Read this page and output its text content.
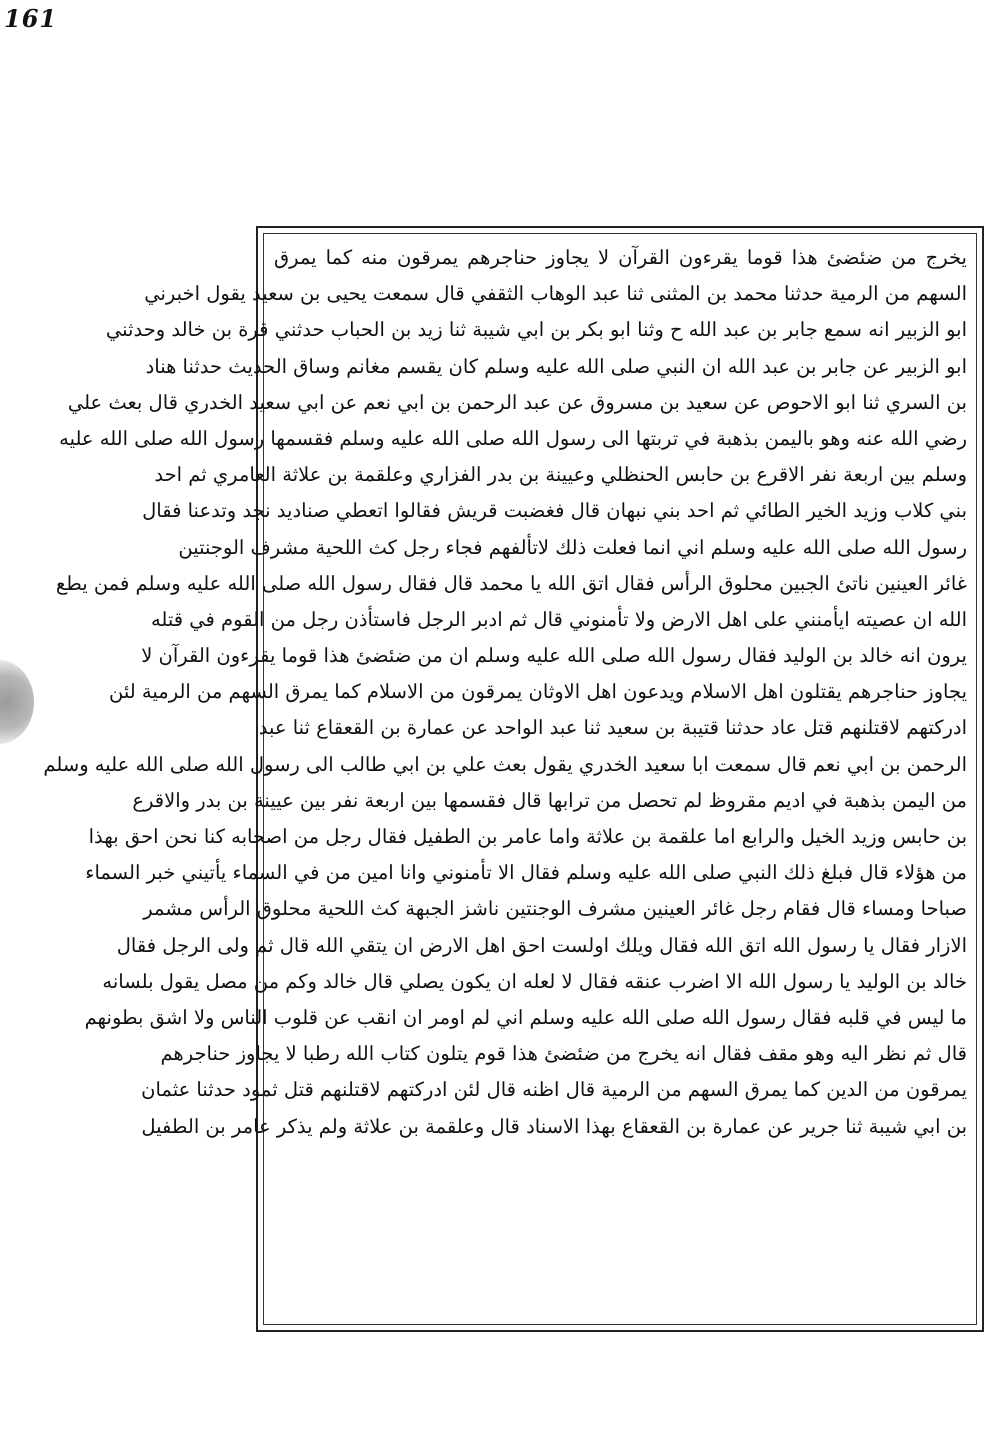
161
يخرج من ضئضئ هذا قوما يقرءون القرآن لا يجاوز حناجرهم يمرقون منه كما يمرق
السهم من الرمية حدثنا محمد بن المثنى ثنا عبد الوهاب الثقفي قال سمعت يحيى بن سعيد يقول اخبرني
ابو الزبير انه سمع جابر بن عبد الله ح وثنا ابو بكر بن ابي شيبة ثنا زيد بن الحباب حدثني قرة بن خالد وحدثني
ابو الزبير عن جابر بن عبد الله ان النبي صلى الله عليه وسلم كان يقسم مغانم وساق الحديث حدثنا هناد
بن السري ثنا ابو الاحوص عن سعيد بن مسروق عن عبد الرحمن بن ابي نعم عن ابي سعيد الخدري قال بعث علي
رضي الله عنه وهو باليمن بذهبة في تربتها الى رسول الله صلى الله عليه وسلم فقسمها رسول الله صلى الله عليه
وسلم بين اربعة نفر الاقرع بن حابس الحنظلي وعيينة بن بدر الفزاري وعلقمة بن علاثة العامري ثم احد
بني كلاب وزيد الخير الطائي ثم احد بني نبهان قال فغضبت قريش فقالوا اتعطي صناديد نجد وتدعنا فقال
رسول الله صلى الله عليه وسلم اني انما فعلت ذلك لاتألفهم فجاء رجل كث اللحية مشرف الوجنتين
غائر العينين ناتئ الجبين محلوق الرأس فقال اتق الله يا محمد قال فقال رسول الله صلى الله عليه وسلم فمن يطع
الله ان عصيته ايأمنني على اهل الارض ولا تأمنوني قال ثم ادبر الرجل فاستأذن رجل من القوم في قتله
يرون انه خالد بن الوليد فقال رسول الله صلى الله عليه وسلم ان من ضئضئ هذا قوما يقرءون القرآن لا
يجاوز حناجرهم يقتلون اهل الاسلام ويدعون اهل الاوثان يمرقون من الاسلام كما يمرق السهم من الرمية لئن
ادركتهم لاقتلنهم قتل عاد حدثنا قتيبة بن سعيد ثنا عبد الواحد عن عمارة بن القعقاع ثنا عبد
الرحمن بن ابي نعم قال سمعت ابا سعيد الخدري يقول بعث علي بن ابي طالب الى رسول الله صلى الله عليه وسلم
من اليمن بذهبة في اديم مقروظ لم تحصل من ترابها قال فقسمها بين اربعة نفر بين عيينة بن بدر والاقرع
بن حابس وزيد الخيل والرابع اما علقمة بن علاثة واما عامر بن الطفيل فقال رجل من اصحابه كنا نحن احق بهذا
من هؤلاء قال فبلغ ذلك النبي صلى الله عليه وسلم فقال الا تأمنوني وانا امين من في السماء يأتيني خبر السماء
صباحا ومساء قال فقام رجل غائر العينين مشرف الوجنتين ناشز الجبهة كث اللحية محلوق الرأس مشمر
الازار فقال يا رسول الله اتق الله فقال ويلك اولست احق اهل الارض ان يتقي الله قال ثم ولى الرجل فقال
خالد بن الوليد يا رسول الله الا اضرب عنقه فقال لا لعله ان يكون يصلي قال خالد وكم من مصل يقول بلسانه
ما ليس في قلبه فقال رسول الله صلى الله عليه وسلم اني لم اومر ان انقب عن قلوب الناس ولا اشق بطونهم
قال ثم نظر اليه وهو مقف فقال انه يخرج من ضئضئ هذا قوم يتلون كتاب الله رطبا لا يجاوز حناجرهم
يمرقون من الدين كما يمرق السهم من الرمية قال اظنه قال لئن ادركتهم لاقتلنهم قتل ثمود حدثنا عثمان
بن ابي شيبة ثنا جرير عن عمارة بن القعقاع بهذا الاسناد قال وعلقمة بن علاثة ولم يذكر عامر بن الطفيل
